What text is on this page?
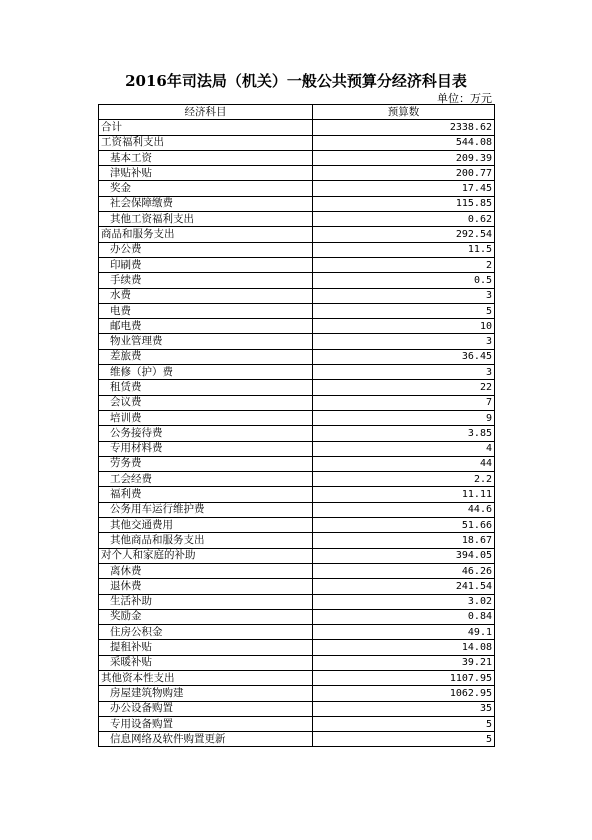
2016年司法局（机关）一般公共预算分经济科目表
单位：万元
经济科目	预算数
合计	2338.62
工资福利支出	544.08
基本工资	209.39
津贴补贴	200.77
奖金	17.45
社会保障缴费	115.85
其他工资福利支出	0.62
商品和服务支出	292.54
办公费	11.5
印刷费	2
手续费	0.5
水费	3
电费	5
邮电费	10
物业管理费	3
差旅费	36.45
维修（护）费	3
租赁费	22
会议费	7
培训费	9
公务接待费	3.85
专用材料费	4
劳务费	44
工会经费	2.2
福利费	11.11
公务用车运行维护费	44.6
其他交通费用	51.66
其他商品和服务支出	18.67
对个人和家庭的补助	394.05
离休费	46.26
退休费	241.54
生活补助	3.02
奖励金	0.84
住房公积金	49.1
提租补贴	14.08
采暖补贴	39.21
其他资本性支出	1107.95
房屋建筑物购建	1062.95
办公设备购置	35
专用设备购置	5
信息网络及软件购置更新	5
